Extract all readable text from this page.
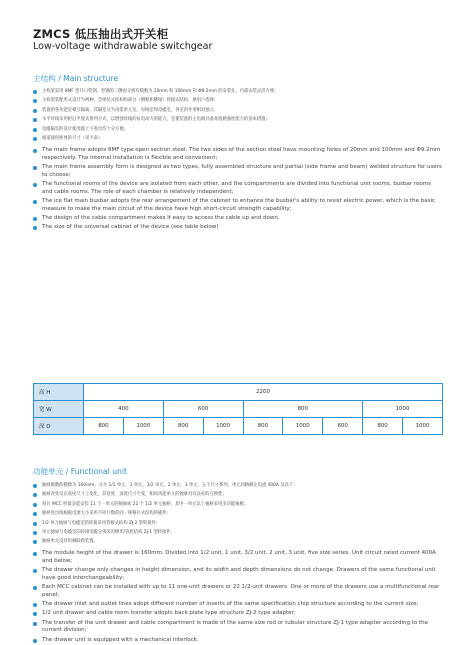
ZMCS 低压抽出式开关柜
Low-voltage withdrawable switchgear
主结构 / Main structure
主构架采用 8MF 型开口型钢，型钢的二侧面分别有模数为 20mm 和 100mm 和 Φ9.2mm 的安装孔，内部安装灵活方便；
主构架装配形式设计为两种，全组装式结构和部分（侧框和横梁）焊接式结构，供用户选择；
装置的各功能室相互隔离，其隔室分为功能单元室、母线室和电缆室，各室的作用相对独立；
水平母线采用柜后平置式排列方式，以增强母线的抗电动力的能力，是使装置的主电路具备高短路强度能力的基本措施；
电缆隔室的设计使电缆上下进出均十分方便。
通道通用柜体的尺寸（见下表）
The main frame adopts 8MF type open section steel. The two sides of the section steel have mounting holes of 20mm and 100mm and Φ9.2mm respectively. The internal installation is flexible and convenient;
The main frame assembly form is designed as two types, fully assembled structure and partial (side frame and beam) welded structure for users to choose;
The functional rooms of the device are isolated from each other, and the compartments are divided into functional unit rooms, busbar rooms and cable rooms. The role of each chamber is relatively independent;
The ice flat main busbar adopts the rear arrangement of the cabinet to enhance the busbar's ability to resist electric power, which is the basic measure to make the main circuit of the device have high short-circuit strength capability;
The design of the cable compartment makes it easy to access the cable up and down.
The size of the universal cabinet of the device (see table below)
高 H	2200								
宽 W	400		600		800			1000	
深 D	800	1000	800	1000	800	1000	600	800	1000
功能单元 / Functional unit
抽屉模数的模数为 160mm，分为 1/2 单元、1 单元、3/2 单元、2 单元、3 单元、五个尺寸系列，单元回路额定电流 400A 及以下；
抽屉改变仅在高度尺寸上变化，其宽度、深度尺寸不变，相同功能单元的抽屉具有良好的互换性；
每台 MCC 柜最多能安装 11 个一单元的抽屉或 22 个 1/2 单元抽屉，其中一单元以上抽屉采用多功能抽板；
抽屉进出线根据电流大小采用不同片数的同一规格片式结构的插件；
1/2 单元抽屉与电缆室的转接采用背板式结构 ZJ-2 型转接件；
单元抽屉与电缆室的转接电缆分别采用棒形/管状结构 ZJ-1 型转接件；
抽屉单元设有机械联锁装置。
The module height of the drawer is 160mm. Divided into 1/2 unit, 1 unit, 3/2 unit, 2 unit, 3 unit, five size series. Unit circuit rated current 400A and below;
The drawer change only changes in height dimension, and its width and depth dimensions do not change. Drawers of the same functional unit have good interchangeability;
Each MCC cabinet can be installed with up to 11 one-unit drawers or 22 1/2-unit drawers. One or more of the drawers use a multifunctional rear panel;
The drawer inlet and outlet lines adopt different number of inserts of the same specification chip structure according to the current size;
1/2 unit drawer and cable room transfer adopts back plate type structure ZJ-2 type adapter;
The transfer of the unit drawer and cable compartment is made of the same size rod or tubular structure ZJ-1 type adapter according to the current division;
The drawer unit is equipped with a mechanical interlock.
